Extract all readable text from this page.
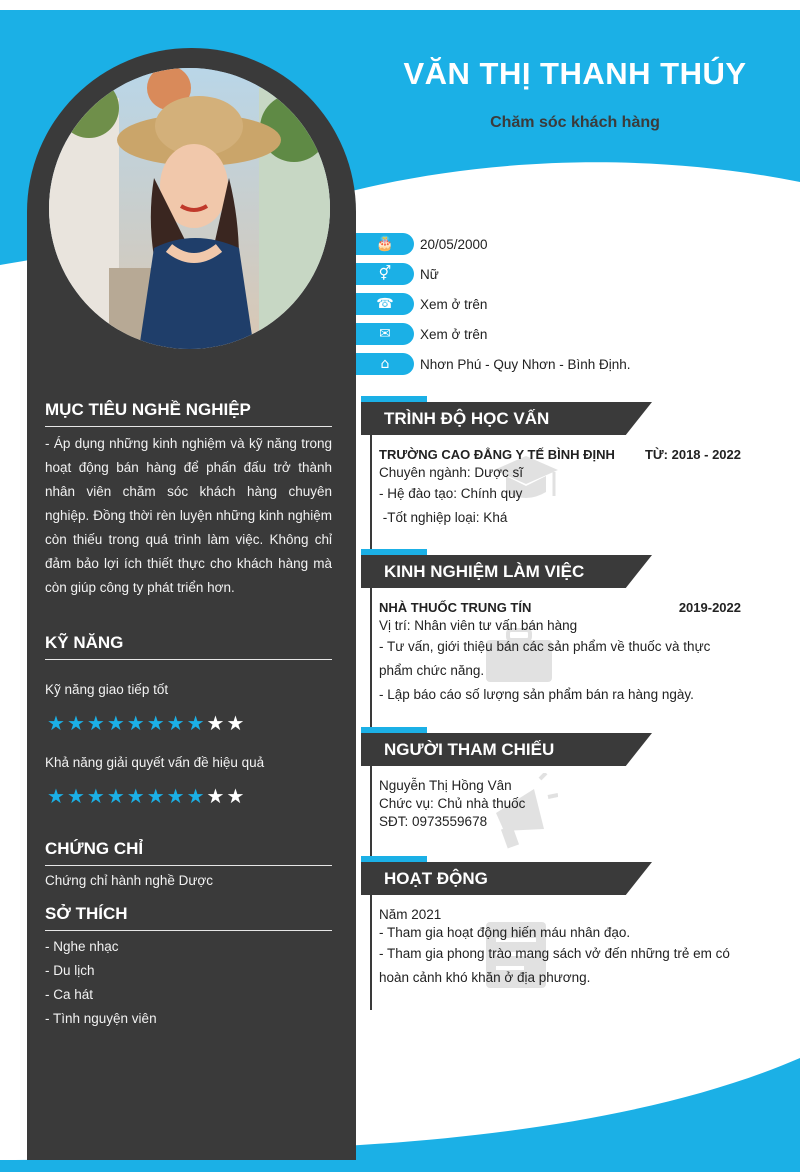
VĂN THỊ THANH THÚY
Chăm sóc khách hàng
MỤC TIÊU NGHỀ NGHIỆP
- Áp dụng những kinh nghiệm và kỹ năng trong hoạt động bán hàng để phấn đấu trở thành nhân viên chăm sóc khách hàng chuyên nghiệp. Đồng thời rèn luyện những kinh nghiệm còn thiếu trong quá trình làm việc. Không chỉ đảm bảo lợi ích thiết thực cho khách hàng mà còn giúp công ty phát triển hơn.
KỸ NĂNG
Kỹ năng giao tiếp tốt
★ ★ ★ ★ ★ ★ ★ ★ ★ ★
Khả năng giải quyết vấn đề hiệu quả
★ ★ ★ ★ ★ ★ ★ ★ ★ ★
CHỨNG CHỈ
Chứng chỉ hành nghề Dược
SỞ THÍCH
- Nghe nhạc
- Du lịch
- Ca hát
- Tình nguyện viên
🎂	20/05/2000
⚥	Nữ
☎	Xem ở trên
✉	Xem ở trên
⌂	Nhơn Phú - Quy Nhơn - Bình Định.
TRÌNH ĐỘ HỌC VẤN
TRƯỜNG CAO ĐẲNG Y TẾ BÌNH ĐỊNH TỪ: 2018 - 2022
Chuyên ngành: Dược sĩ
- Hệ đào tạo: Chính quy
-Tốt nghiệp loại: Khá
KINH NGHIỆM LÀM VIỆC
NHÀ THUỐC TRUNG TÍN	2019-2022
Vị trí: Nhân viên tư vấn bán hàng
- Tư vấn, giới thiệu bán các sản phẩm về thuốc và thực phẩm chức năng.
- Lập báo cáo số lượng sản phẩm bán ra hàng ngày.
NGƯỜI THAM CHIẾU
Nguyễn Thị Hồng Vân
Chức vụ: Chủ nhà thuốc
SĐT: 0973559678
HOẠT ĐỘNG
Năm 2021
- Tham gia hoạt động hiến máu nhân đạo.
- Tham gia phong trào mang sách vở đến những trẻ em có hoàn cảnh khó khăn ở địa phương.
